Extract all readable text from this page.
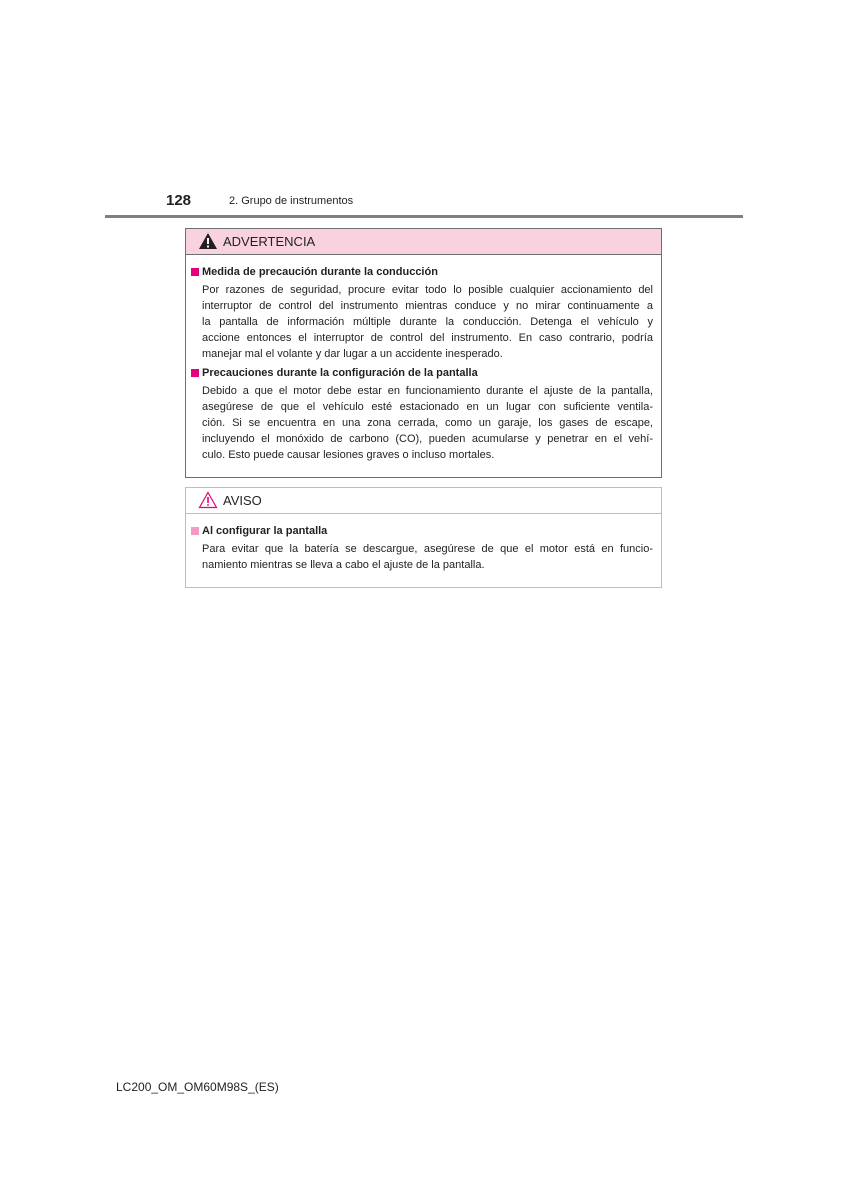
128	2. Grupo de instrumentos
ADVERTENCIA
Medida de precaución durante la conducción
Por razones de seguridad, procure evitar todo lo posible cualquier accionamiento del
interruptor de control del instrumento mientras conduce y no mirar continuamente a
la pantalla de información múltiple durante la conducción. Detenga el vehículo y
accione entonces el interruptor de control del instrumento. En caso contrario, podría
manejar mal el volante y dar lugar a un accidente inesperado.
Precauciones durante la configuración de la pantalla
Debido a que el motor debe estar en funcionamiento durante el ajuste de la pantalla,
asegúrese de que el vehículo esté estacionado en un lugar con suficiente ventila-
ción. Si se encuentra en una zona cerrada, como un garaje, los gases de escape,
incluyendo el monóxido de carbono (CO), pueden acumularse y penetrar en el vehí-
culo. Esto puede causar lesiones graves o incluso mortales.
AVISO
Al configurar la pantalla
Para evitar que la batería se descargue, asegúrese de que el motor está en funcio-
namiento mientras se lleva a cabo el ajuste de la pantalla.
LC200_OM_OM60M98S_(ES)
